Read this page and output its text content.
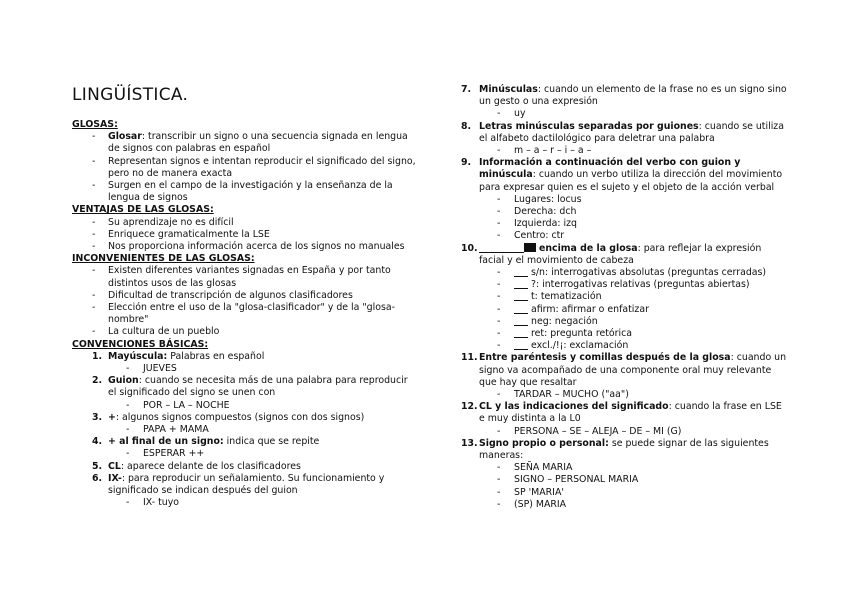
LINGÜÍSTICA.
GLOSAS:
- Glosar: transcribir un signo o una secuencia signada en lengua
de signos con palabras en español
- Representan signos e intentan reproducir el significado del signo,
pero no de manera exacta
- Surgen en el campo de la investigación y la enseñanza de la
lengua de signos
VENTAJAS DE LAS GLOSAS:
- Su aprendizaje no es difícil
- Enriquece gramaticalmente la LSE
- Nos proporciona información acerca de los signos no manuales
INCONVENIENTES DE LAS GLOSAS:
- Existen diferentes variantes signadas en España y por tanto
distintos usos de las glosas
- Dificultad de transcripción de algunos clasificadores
- Elección entre el uso de la "glosa-clasificador" y de la "glosa-
nombre"
- La cultura de un pueblo
CONVENCIONES BÁSICAS:
1. Mayúscula: Palabras en español
- JUEVES
2. Guion: cuando se necesita más de una palabra para reproducir
el significado del signo se unen con
- POR – LA – NOCHE
3. +: algunos signos compuestos (signos con dos signos)
- PAPA + MAMA
4. + al final de un signo: indica que se repite
- ESPERAR ++
5. CL: aparece delante de los clasificadores
6. IX-: para reproducir un señalamiento. Su funcionamiento y
significado se indican después del guion
- IX- tuyo
7. Minúsculas: cuando un elemento de la frase no es un signo sino
un gesto o una expresión
- uy
8. Letras minúsculas separadas por guiones: cuando se utiliza
el alfabeto dactilológico para deletrar una palabra
- m – a – r – i – a –
9. Información a continuación del verbo con guion y
minúscula: cuando un verbo utiliza la dirección del movimiento
para expresar quien es el sujeto y el objeto de la acción verbal
- Lugares: locus
- Derecha: dch
- Izquierda: izq
- Centro: ctr
10.	encima de la glosa: para reflejar la expresión
facial y el movimiento de cabeza
-	s/n: interrogativas absolutas (preguntas cerradas)
-	?: interrogativas relativas (preguntas abiertas)
-	t: tematización
-	afirm: afirmar o enfatizar
-	neg: negación
-	ret: pregunta retórica
-	excl./!¡: exclamación
11. Entre paréntesis y comillas después de la glosa: cuando un
signo va acompañado de una componente oral muy relevante
que hay que resaltar
- TARDAR – MUCHO ("aa")
12. CL y las indicaciones del significado: cuando la frase en LSE
e muy distinta a la L0
- PERSONA – SE – ALEJA – DE – MI (G)
13. Signo propio o personal: se puede signar de las siguientes
maneras:
- SEÑA MARIA
- SIGNO – PERSONAL MARIA
- SP 'MARIA'
- (SP) MARIA
